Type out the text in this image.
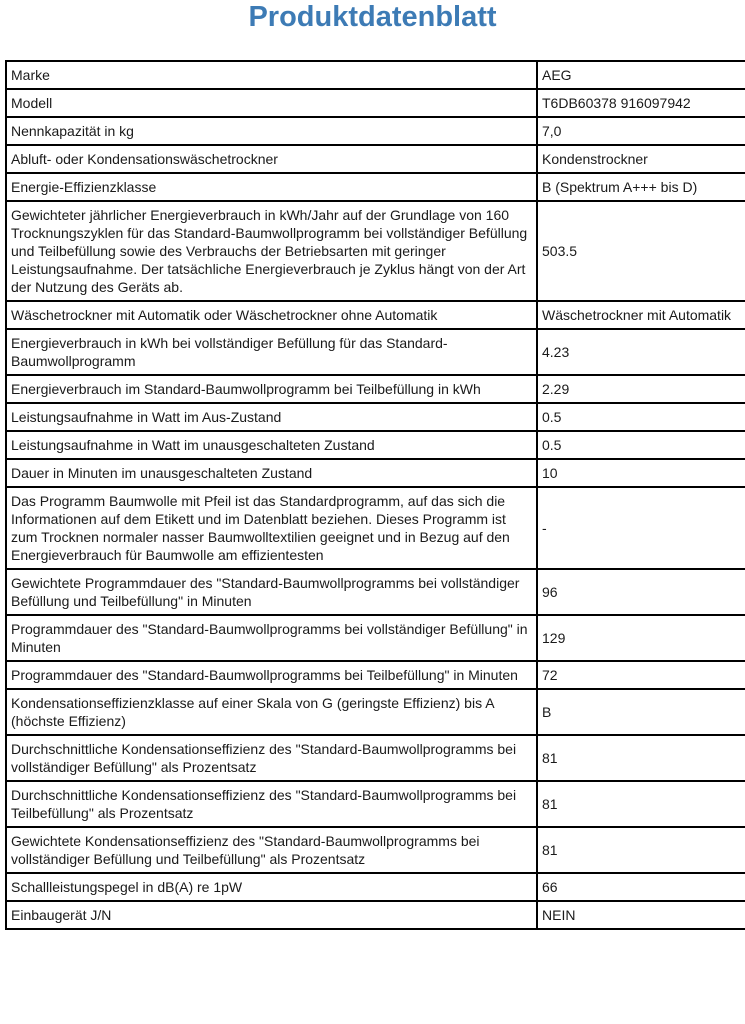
Produktdatenblatt
Marke	AEG
Modell	T6DB60378 916097942
Nennkapazität in kg	7,0
Abluft- oder Kondensationswäschetrockner	Kondenstrockner
Energie-Effizienzklasse	B (Spektrum A+++ bis D)
Gewichteter jährlicher Energieverbrauch in kWh/Jahr auf der Grundlage von 160 Trocknungszyklen für das Standard-Baumwollprogramm bei vollständiger Befüllung und Teilbefüllung sowie des Verbrauchs der Betriebsarten mit geringer Leistungsaufnahme. Der tatsächliche Energieverbrauch je Zyklus hängt von der Art der Nutzung des Geräts ab.	503.5
Wäschetrockner mit Automatik oder Wäschetrockner ohne Automatik	Wäschetrockner mit Automatik
Energieverbrauch in kWh bei vollständiger Befüllung für das Standard-Baumwollprogramm	4.23
Energieverbrauch im Standard-Baumwollprogramm bei Teilbefüllung in kWh	2.29
Leistungsaufnahme in Watt im Aus-Zustand	0.5
Leistungsaufnahme in Watt im unausgeschalteten Zustand	0.5
Dauer in Minuten im unausgeschalteten Zustand	10
Das Programm Baumwolle mit Pfeil ist das Standardprogramm, auf das sich die Informationen auf dem Etikett und im Datenblatt beziehen. Dieses Programm ist zum Trocknen normaler nasser Baumwolltextilien geeignet und in Bezug auf den Energieverbrauch für Baumwolle am effizientesten	-
Gewichtete Programmdauer des "Standard-Baumwollprogramms bei vollständiger Befüllung und Teilbefüllung" in Minuten	96
Programmdauer des "Standard-Baumwollprogramms bei vollständiger Befüllung" in Minuten	129
Programmdauer des "Standard-Baumwollprogramms bei Teilbefüllung" in Minuten	72
Kondensationseffizienzklasse auf einer Skala von G (geringste Effizienz) bis A (höchste Effizienz)	B
Durchschnittliche Kondensationseffizienz des "Standard-Baumwollprogramms bei vollständiger Befüllung" als Prozentsatz	81
Durchschnittliche Kondensationseffizienz des "Standard-Baumwollprogramms bei Teilbefüllung" als Prozentsatz	81
Gewichtete Kondensationseffizienz des "Standard-Baumwollprogramms bei vollständiger Befüllung und Teilbefüllung" als Prozentsatz	81
Schallleistungspegel in dB(A) re 1pW	66
Einbaugerät J/N	NEIN
